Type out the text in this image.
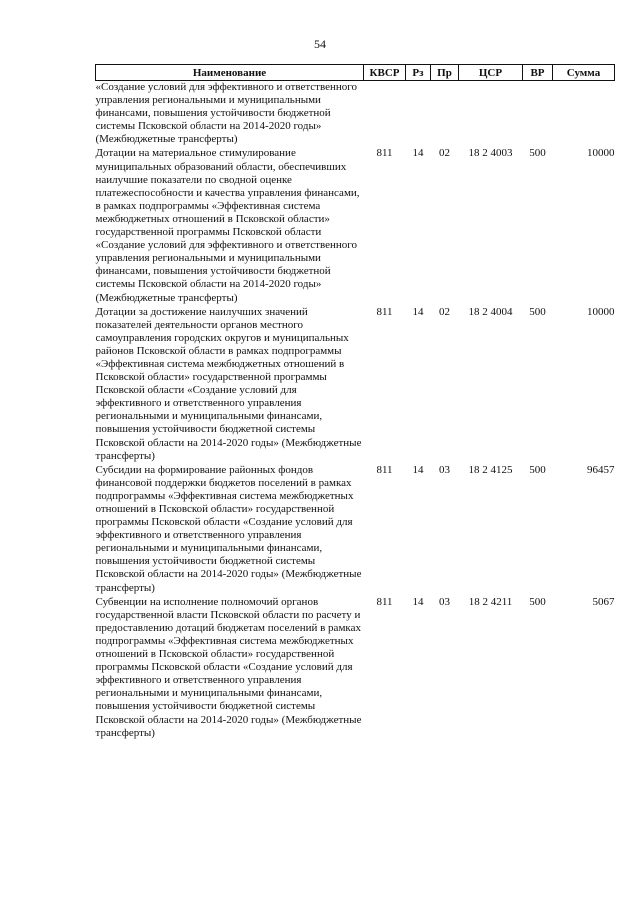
54
Наименование	КВСР	Рз	Пр	ЦСР	ВР	Сумма
«Создание условий для эффективного и ответственного управления региональными и муниципальными финансами, повышения устойчивости бюджетной системы Псковской области на 2014-2020 годы» (Межбюджетные трансферты)						
Дотации на материальное стимулирование муниципальных образований области, обеспечивших наилучшие показатели по сводной оценке платежеспособности и качества управления финансами, в рамках подпрограммы «Эффективная система межбюджетных отношений в Псковской области» государственной программы Псковской области «Создание условий для эффективного и ответственного управления региональными и муниципальными финансами, повышения устойчивости бюджетной системы Псковской области на 2014-2020 годы» (Межбюджетные трансферты)	811	14	02	18 2 4003	500	10000
Дотации за достижение наилучших значений показателей деятельности органов местного самоуправления городских округов и муниципальных районов Псковской области в рамках подпрограммы «Эффективная система межбюджетных отношений в Псковской области» государственной программы Псковской области «Создание условий для эффективного и ответственного управления региональными и муниципальными финансами, повышения устойчивости бюджетной системы Псковской области на 2014-2020 годы» (Межбюджетные трансферты)	811	14	02	18 2 4004	500	10000
Субсидии на формирование районных фондов финансовой поддержки бюджетов поселений в рамках подпрограммы «Эффективная система межбюджетных отношений в Псковской области» государственной программы Псковской области «Создание условий для эффективного и ответственного управления региональными и муниципальными финансами, повышения устойчивости бюджетной системы Псковской области на 2014-2020 годы» (Межбюджетные трансферты)	811	14	03	18 2 4125	500	96457
Субвенции на исполнение полномочий органов государственной власти Псковской области по расчету и предоставлению дотаций бюджетам поселений в рамках подпрограммы «Эффективная система межбюджетных отношений в Псковской области» государственной программы Псковской области «Создание условий для эффективного и ответственного управления региональными и муниципальными финансами, повышения устойчивости бюджетной системы Псковской области на 2014-2020 годы» (Межбюджетные трансферты)	811	14	03	18 2 4211	500	5067
